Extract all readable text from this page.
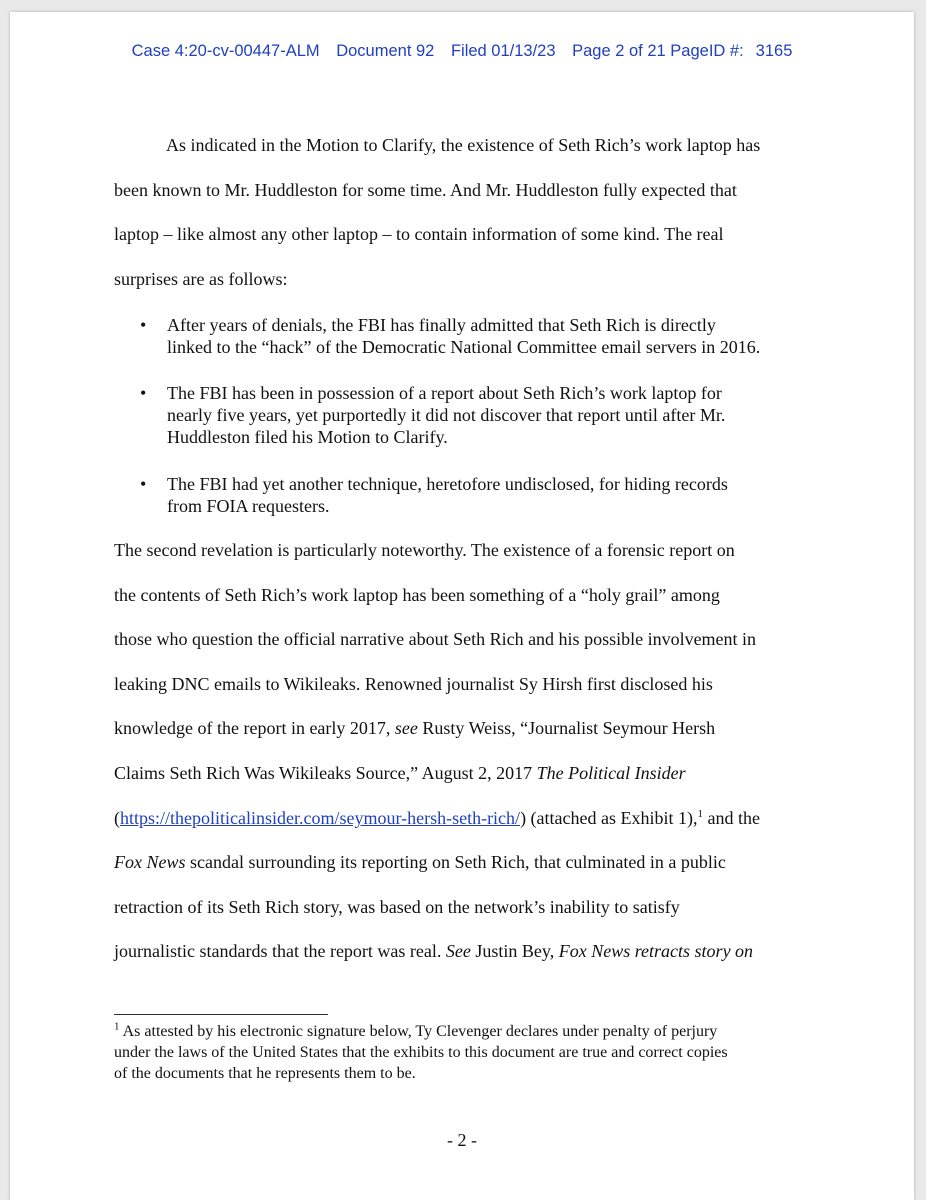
Case 4:20-cv-00447-ALM Document 92 Filed 01/13/23 Page 2 of 21 PageID #: 3165
As indicated in the Motion to Clarify, the existence of Seth Rich’s work laptop has
been known to Mr. Huddleston for some time. And Mr. Huddleston fully expected that
laptop – like almost any other laptop – to contain information of some kind. The real
surprises are as follows:
• After years of denials, the FBI has finally admitted that Seth Rich is directly
linked to the “hack” of the Democratic National Committee email servers in 2016.
• The FBI has been in possession of a report about Seth Rich’s work laptop for
nearly five years, yet purportedly it did not discover that report until after Mr.
Huddleston filed his Motion to Clarify.
• The FBI had yet another technique, heretofore undisclosed, for hiding records
from FOIA requesters.
The second revelation is particularly noteworthy. The existence of a forensic report on
the contents of Seth Rich’s work laptop has been something of a “holy grail” among
those who question the official narrative about Seth Rich and his possible involvement in
leaking DNC emails to Wikileaks. Renowned journalist Sy Hirsh first disclosed his
knowledge of the report in early 2017, see Rusty Weiss, “Journalist Seymour Hersh
Claims Seth Rich Was Wikileaks Source,” August 2, 2017 The Political Insider
(https://thepoliticalinsider.com/seymour-hersh-seth-rich/) (attached as Exhibit 1),$^1$ and the
Fox News scandal surrounding its reporting on Seth Rich, that culminated in a public
retraction of its Seth Rich story, was based on the network’s inability to satisfy
journalistic standards that the report was real. See Justin Bey, Fox News retracts story on
$^1$ As attested by his electronic signature below, Ty Clevenger declares under penalty of perjury
under the laws of the United States that the exhibits to this document are true and correct copies
of the documents that he represents them to be.
- 2 -
